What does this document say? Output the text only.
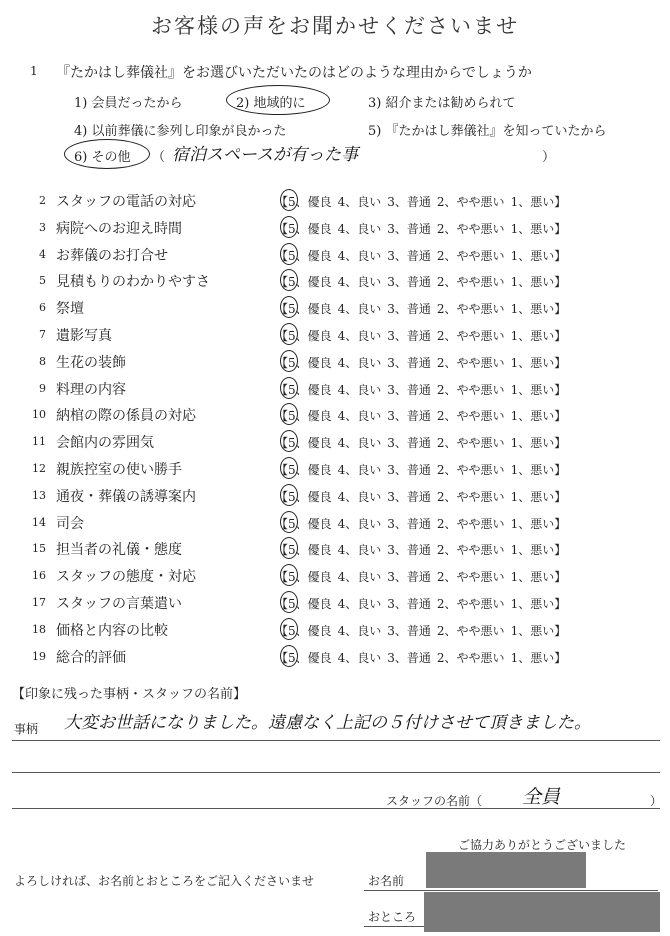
お客様の声をお聞かせくださいませ
1 『たかはし葬儀社』をお選びいただいたのはどのような理由からでしょうか
1) 会員だったから	2) 地域的に	3) 紹介または勧められて
4) 以前葬儀に参列し印象が良かった	5) 『たかはし葬儀社』を知っていたから
6) その他 （ 宿泊スペースが有った事	）
2 スタッフの電話の対応	【5、優良 4、良い 3、普通 2、やや悪い 1、悪い】
3 病院へのお迎え時間	【5、優良 4、良い 3、普通 2、やや悪い 1、悪い】
4 お葬儀のお打合せ	【5、優良 4、良い 3、普通 2、やや悪い 1、悪い】
5 見積もりのわかりやすさ	【5、優良 4、良い 3、普通 2、やや悪い 1、悪い】
6 祭壇	【5、優良 4、良い 3、普通 2、やや悪い 1、悪い】
7 遺影写真	【5、優良 4、良い 3、普通 2、やや悪い 1、悪い】
8 生花の装飾	【5、優良 4、良い 3、普通 2、やや悪い 1、悪い】
9 料理の内容	【5、優良 4、良い 3、普通 2、やや悪い 1、悪い】
10 納棺の際の係員の対応	【5、優良 4、良い 3、普通 2、やや悪い 1、悪い】
11 会館内の雰囲気	【5、優良 4、良い 3、普通 2、やや悪い 1、悪い】
12 親族控室の使い勝手	【5、優良 4、良い 3、普通 2、やや悪い 1、悪い】
13 通夜・葬儀の誘導案内	【5、優良 4、良い 3、普通 2、やや悪い 1、悪い】
14 司会	【5、優良 4、良い 3、普通 2、やや悪い 1、悪い】
15 担当者の礼儀・態度	【5、優良 4、良い 3、普通 2、やや悪い 1、悪い】
16 スタッフの態度・対応	【5、優良 4、良い 3、普通 2、やや悪い 1、悪い】
17 スタッフの言葉遣い	【5、優良 4、良い 3、普通 2、やや悪い 1、悪い】
18 価格と内容の比較	【5、優良 4、良い 3、普通 2、やや悪い 1、悪い】
19 総合的評価	【5、優良 4、良い 3、普通 2、やや悪い 1、悪い】
【印象に残った事柄・スタッフの名前】
事柄 大変お世話になりました。遠慮なく上記の５付けさせて頂きました。
スタッフの名前（ 全員	）
ご協力ありがとうございました
よろしければ、お名前とおところをご記入くださいませ	お名前
おところ
